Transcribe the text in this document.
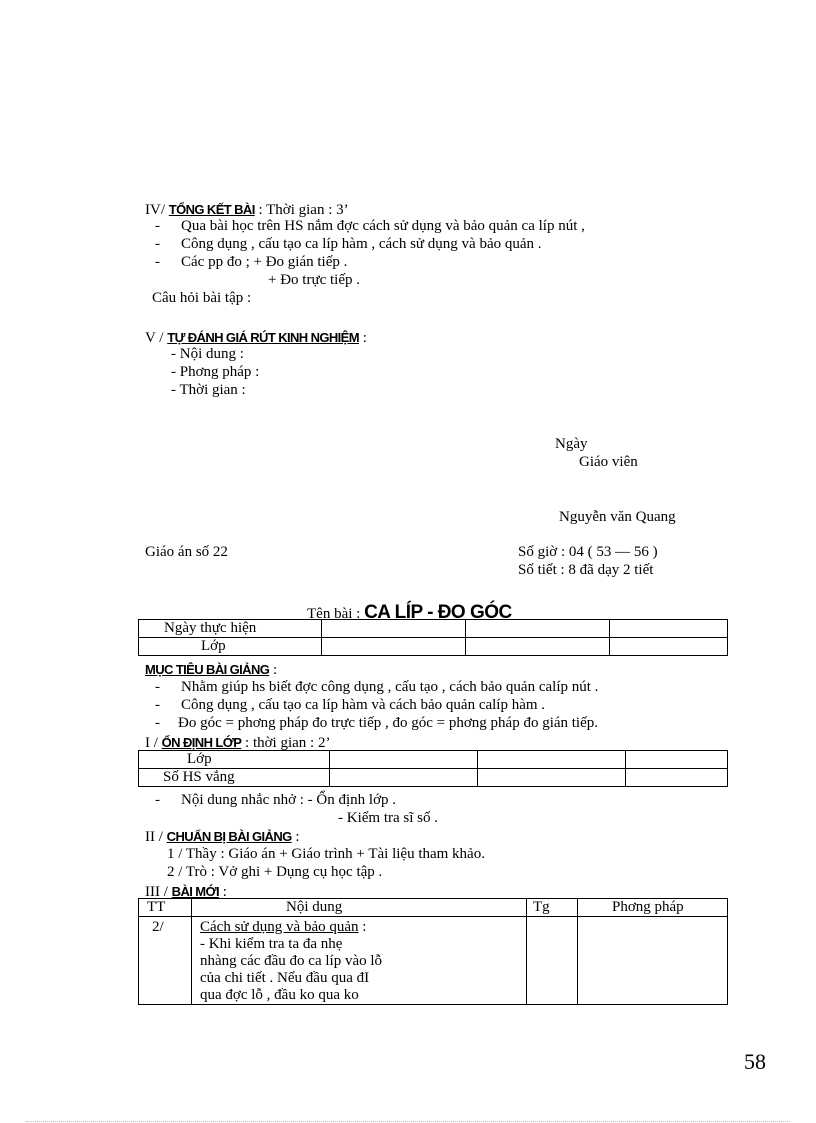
IV/ TỔNG KẾT BÀI : Thời gian : 3’
- Qua bài học trên HS nắm đợc cách sử dụng và bảo quản ca líp nút ,
- Công dụng , cấu tạo ca líp hàm , cách sử dụng và bảo quản .
- Các pp đo ; + Đo gián tiếp .
+ Đo trực tiếp .
Câu hỏi bài tập :
V / TỰ ĐÁNH GIÁ RÚT KINH NGHIỆM :
- Nội dung :
- Phơng pháp :
- Thời gian :
Ngày
Giáo viên
Nguyễn văn Quang
Giáo án số 22	Số giờ : 04 ( 53 — 56 )
Số tiết : 8 đã dạy 2 tiết
Tên bài : CA LÍP - ĐO GÓC
Ngày thực hiện			
Lớp			
MỤC TIÊU BÀI GIẢNG :
- Nhằm giúp hs biết đợc công dụng , cấu tạo , cách bảo quản calíp nút .
- Công dụng , cấu tạo ca líp hàm và cách bảo quản calíp hàm .
- Đo góc = phơng pháp đo trực tiếp , đo góc = phơng pháp đo gián tiếp.
I / ỔN ĐỊNH LỚP : thời gian : 2’
Lớp			
Số HS vắng			
- Nội dung nhắc nhở : - Ổn định lớp .
- Kiểm tra sĩ số .
II / CHUẨN BỊ BÀI GIẢNG :
1 / Thầy : Giáo án + Giáo trình + Tài liệu tham khảo.
2 / Trò : Vở ghi + Dụng cụ học tập .
III / BÀI MỚI :
TT	Nội dung	Tg	Phơng pháp
2/	Cách sử dụng và bảo quản :
- Khi kiểm tra ta đa nhẹ
nhàng các đầu đo ca líp vào lỗ
của chi tiết . Nếu đầu qua đI
qua đợc lỗ , đầu ko qua ko		

58
